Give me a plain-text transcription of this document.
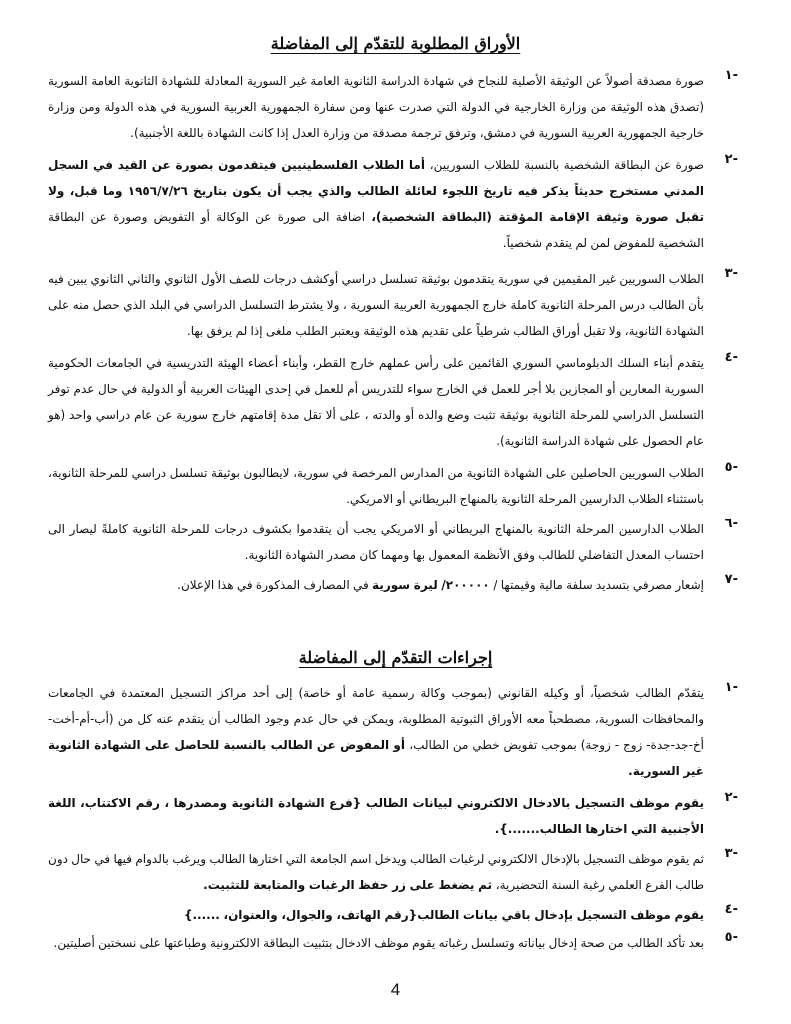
الأوراق المطلوبة للتقدّم إلى المفاضلة
-١

صورة مصدقة أصولاً عن الوثيقة الأصلية للنجاح في شهادة الدراسة الثانوية العامة غير السورية المعادلة للشهادة الثانوية العامة السورية (تصدق هذه الوثيقة من وزارة الخارجية في الدولة التي صدرت عنها ومن سفارة الجمهورية العربية السورية في هذه الدولة ومن وزارة خارجية الجمهورية العربية السورية في دمشق، وترفق ترجمة مصدقة من وزارة العدل إذا كانت الشهادة باللغة الأجنبية).

-٢

صورة عن البطاقة الشخصية بالنسبة للطلاب السوريين، أما الطلاب الفلسطينيين فيتقدمون بصورة عن القيد في السجل المدني مستخرج حديثاً يذكر فيه تاريخ اللجوء لعائلة الطالب والذي يجب أن يكون بتاريخ ١٩٥٦/٧/٢٦ وما قبل، ولا تقبل صورة وثيقة الإقامة المؤقتة (البطاقة الشخصية)، اضافة الى صورة عن الوكالة أو التفويض وصورة عن البطاقة الشخصية للمفوض لمن لم يتقدم شخصياً.

-٣

الطلاب السوريين غير المقيمين في سورية يتقدمون بوثيقة تسلسل دراسي أوكشف درجات للصف الأول الثانوي والثاني الثانوي يبين فيه بأن الطالب درس المرحلة الثانوية كاملة خارج الجمهورية العربية السورية ، ولا يشترط التسلسل الدراسي في البلد الذي حصل منه على الشهادة الثانوية، ولا تقبل أوراق الطالب شرطياً على تقديم هذه الوثيقة ويعتبر الطلب ملغى إذا لم يرفق بها.

-٤

يتقدم أبناء السلك الدبلوماسي السوري القائمين على رأس عملهم خارج القطر، وأبناء أعضاء الهيئة التدريسية في الجامعات الحكومية السورية المعارين أو المجازين بلا أجر للعمل في الخارج سواء للتدريس أم للعمل في إحدى الهيئات العربية أو الدولية في حال عدم توفر التسلسل الدراسي للمرحلة الثانوية بوثيقة تثبت وضع والده أو والدته ، على ألا تقل مدة إقامتهم خارج سورية عن عام دراسي واحد (هو عام الحصول على شهادة الدراسة الثانوية).

-٥

الطلاب السوريين الحاصلين على الشهادة الثانوية من المدارس المرخصة في سورية، لايطالبون بوثيقة تسلسل دراسي للمرحلة الثانوية، باستثناء الطلاب الدارسين المرحلة الثانوية بالمنهاج البريطاني أو الامريكي.

-٦

الطلاب الدارسين المرحلة الثانوية بالمنهاج البريطاني أو الامريكي يجب أن يتقدموا بكشوف درجات للمرحلة الثانوية كاملةً ليصار الى احتساب المعدل التفاضلي للطالب وفق الأنظمة المعمول بها ومهما كان مصدر الشهادة الثانوية.

-٧

إشعار مصرفي بتسديد سلفة مالية وقيمتها / ٢٠٠٠٠٠/ ليرة سورية في المصارف المذكورة في هذا الإعلان.

إجراءات التقدّم إلى المفاضلة
-١

يتقدّم الطالب شخصياً، أو وكيله القانوني (بموجب وكالة رسمية عامة أو خاصة) إلى أحد مراكز التسجيل المعتمدة في الجامعات والمحافظات السورية، مصطحباً معه الأوراق الثبوتية المطلوبة، ويمكن في حال عدم وجود الطالب أن يتقدم عنه كل من (أب-أم-أخت-أخ-جد-جدة- زوج - زوجة) بموجب تفويض خطي من الطالب، أو المفوض عن الطالب بالنسبة للحاصل على الشهادة الثانوية غير السورية.

-٢

يقوم موظف التسجيل بالادخال الالكتروني لبيانات الطالب {فرع الشهادة الثانوية ومصدرها ، رقم الاكتتاب، اللغة الأجنبية التي اختارها الطالب.......}.

-٣

ثم يقوم موظف التسجيل بالإدخال الالكتروني لرغبات الطالب ويدخل اسم الجامعة التي اختارها الطالب ويرغب بالدوام فيها في حال دون طالب الفرع العلمي رغبة السنة التحضيرية، ثم يضغط على زر حفظ الرغبات والمتابعة للتثبيت.

-٤

يقوم موظف التسجيل بإدخال باقي بيانات الطالب{رقم الهاتف، والجوال، والعنوان، ......}

-٥

بعد تأكد الطالب من صحة إدخال بياناته وتسلسل رغباته يقوم موظف الادخال بتثبيت البطاقة الالكترونية وطباعتها على نسختين أصليتين.

4
